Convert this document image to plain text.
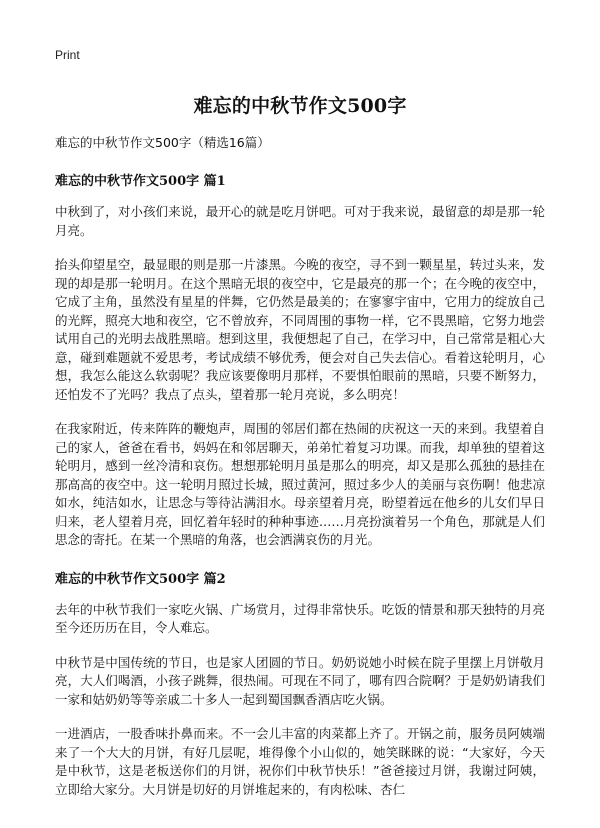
Print
难忘的中秋节作文500字

难忘的中秋节作文500字（精选16篇）

难忘的中秋节作文500字 篇1

中秋到了，对小孩们来说，最开心的就是吃月饼吧。可对于我来说，最留意的却是那一轮月亮。

抬头仰望星空，最显眼的则是那一片漆黑。今晚的夜空，寻不到一颗星星，转过头来，发现的却是那一轮明月。在这个黑暗无垠的夜空中，它是最亮的那一个；在今晚的夜空中，它成了主角，虽然没有星星的伴舞，它仍然是最美的；在寥寥宇宙中，它用力的绽放自己的光辉，照亮大地和夜空，它不曾放弃，不同周围的事物一样，它不畏黑暗，它努力地尝试用自己的光明去战胜黑暗。想到这里，我便想起了自己，在学习中，自己常常是粗心大意，碰到难题就不爱思考，考试成绩不够优秀，便会对自己失去信心。看着这轮明月，心想，我怎么能这么软弱呢？我应该要像明月那样，不要惧怕眼前的黑暗，只要不断努力，还怕发不了光吗？我点了点头，望着那一轮月亮说，多么明亮！

在我家附近，传来阵阵的鞭炮声，周围的邻居们都在热闹的庆祝这一天的来到。我望着自己的家人，爸爸在看书，妈妈在和邻居聊天，弟弟忙着复习功课。而我，却单独的望着这轮明月，感到一丝冷清和哀伤。想想那轮明月虽是那么的明亮，却又是那么孤独的悬挂在那高高的夜空中。这一轮明月照过长城，照过黄河，照过多少人的美丽与哀伤啊！他悲凉如水，纯洁如水，让思念与等待沾满泪水。母亲望着月亮，盼望着远在他乡的儿女们早日归来，老人望着月亮，回忆着年轻时的种种事迹……月亮扮演着另一个角色，那就是人们思念的寄托。在某一个黑暗的角落，也会洒满哀伤的月光。

难忘的中秋节作文500字 篇2

去年的中秋节我们一家吃火锅、广场赏月，过得非常快乐。吃饭的情景和那天独特的月亮至今还历历在目，令人难忘。

中秋节是中国传统的节日，也是家人团圆的节日。奶奶说她小时候在院子里摆上月饼敬月亮，大人们喝酒，小孩子跳舞，很热闹。可现在不同了，哪有四合院啊？于是奶奶请我们一家和姑奶奶等等亲戚二十多人一起到蜀国飘香酒店吃火锅。

一进酒店，一股香味扑鼻而来。不一会儿丰富的肉菜都上齐了。开锅之前，服务员阿姨端来了一个大大的月饼，有好几层呢，堆得像个小山似的，她笑眯眯的说：“大家好，今天是中秋节，这是老板送你们的月饼，祝你们中秋节快乐！”爸爸接过月饼，我谢过阿姨，立即给大家分。大月饼是切好的月饼堆起来的，有肉松味、杏仁
